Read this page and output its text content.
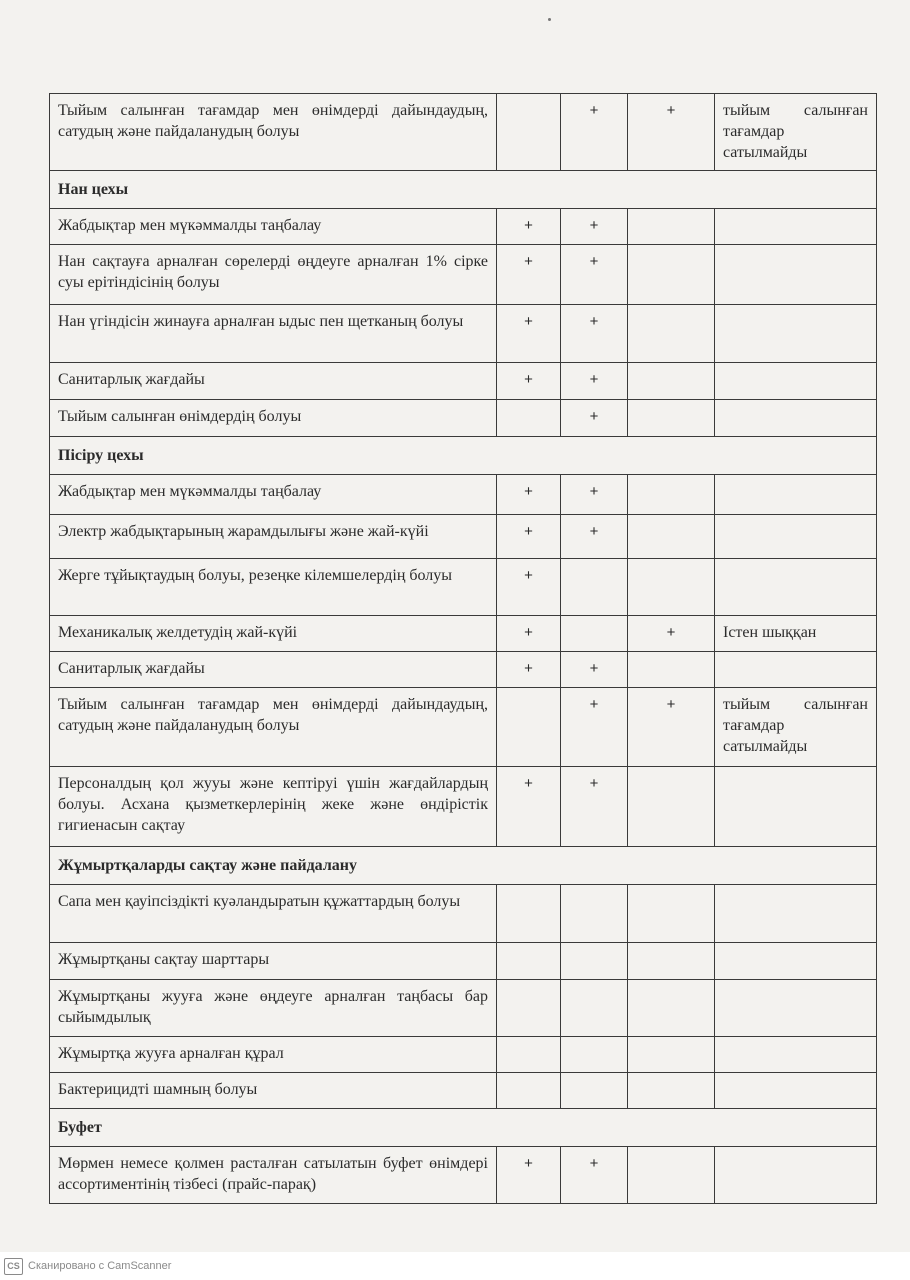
Тыйым салынған тағамдар мен өнімдерді дайындаудың, сатудың және пайдаланудың болуы		+	+	тыйым салынған тағамдар сатылмайды
Нан цехы				
Жабдықтар мен мүкәммалды таңбалау	+	+		
Нан сақтауға арналған сөрелерді өңдеуге арналған 1% сірке суы ерітіндісінің болуы	+	+		
Нан үгіндісін жинауға арналған ыдыс пен щетканың болуы	+	+		
Санитарлық жағдайы	+	+		
Тыйым салынған өнімдердің болуы		+		
Пісіру цехы				
Жабдықтар мен мүкәммалды таңбалау	+	+		
Электр жабдықтарының жарамдылығы және жай-күйі	+	+		
Жерге тұйықтаудың болуы, резеңке кілемшелердің болуы	+			
Механикалық желдетудің жай-күйі	+		+	Істен шыққан
Санитарлық жағдайы	+	+		
Тыйым салынған тағамдар мен өнімдерді дайындаудың, сатудың және пайдаланудың болуы		+	+	тыйым салынған тағамдар сатылмайды
Персоналдың қол жууы және кептіруі үшін жағдайлардың болуы. Асхана қызметкерлерінің жеке және өндірістік гигиенасын сақтау	+	+		
Жұмыртқаларды сақтау және пайдалану				
Сапа мен қауіпсіздікті куәландыратын құжаттардың болуы				
Жұмыртқаны сақтау шарттары				
Жұмыртқаны жууға және өңдеуге арналған таңбасы бар сыйымдылық				
Жұмыртқа жууға арналған құрал				
Бактерицидті шамның болуы				
Буфет				
Мөрмен немесе қолмен расталған сатылатын буфет өнімдері ассортиментінің тізбесі (прайс-парақ)	+	+		
CS Сканировано с CamScanner
